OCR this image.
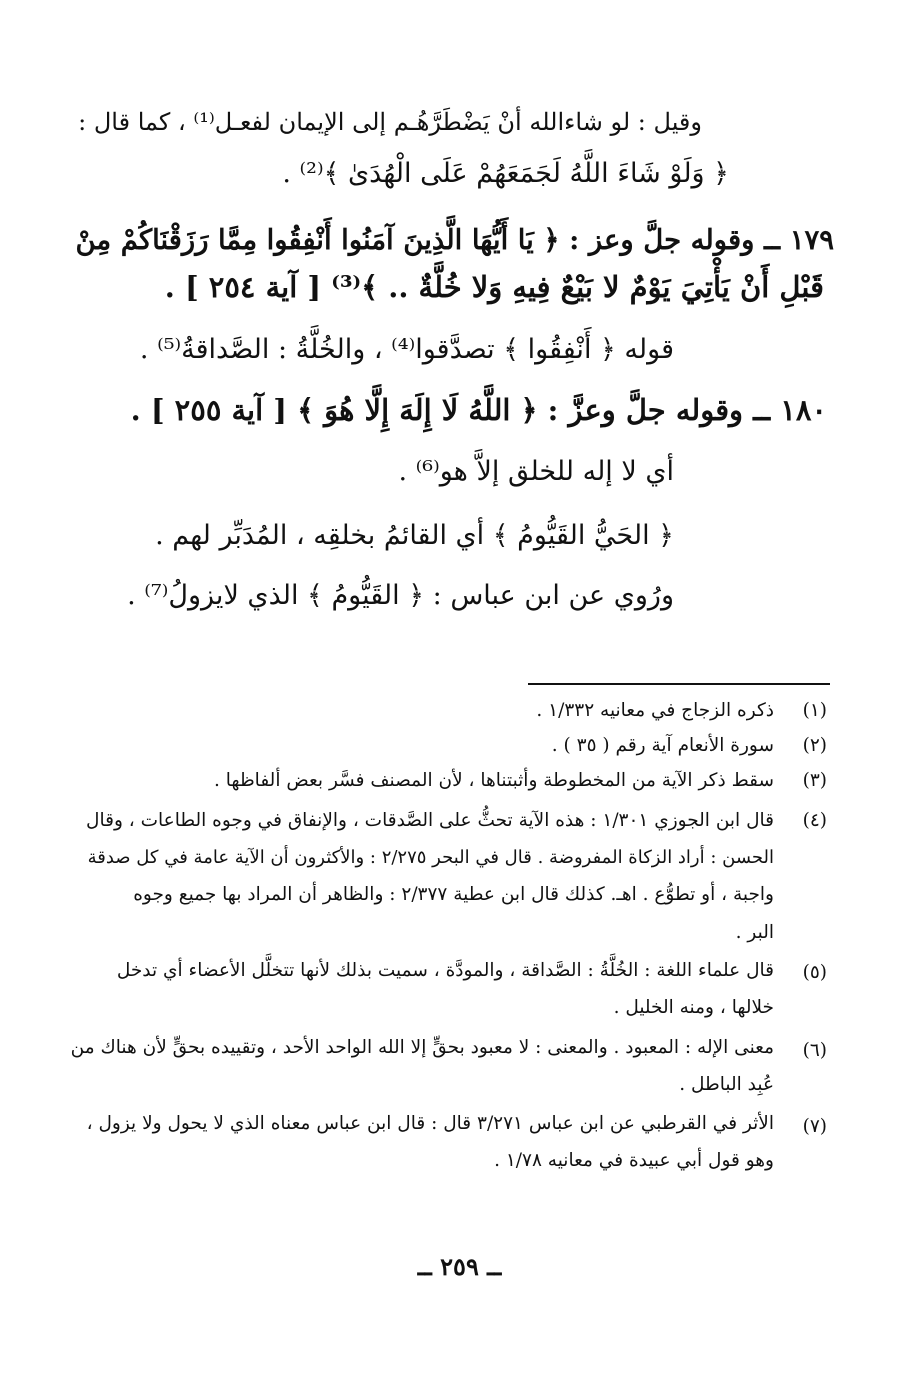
وقيل : لو شاءالله أنْ يَضْطَرَّهُـم إلى الإيمان لفعـل⁽¹⁾ ، كما قال :
﴿ وَلَوْ شَاءَ اللَّهُ لَجَمَعَهُمْ عَلَى الْهُدَىٰ ﴾⁽²⁾ .
١٧٩ ــ وقوله جلَّ وعز : ﴿ يَا أَيُّهَا الَّذِينَ آمَنُوا أَنْفِقُوا مِمَّا رَزَقْنَاكُمْ مِنْ
قَبْلِ أَنْ يَأْتِيَ يَوْمٌ لا بَيْعٌ فِيهِ وَلا خُلَّةٌ .. ﴾⁽³⁾ [ آية ٢٥٤ ] .
قوله ﴿ أَنْفِقُوا ﴾ تصدَّقوا⁽⁴⁾ ، والخُلَّةُ : الصَّداقةُ⁽⁵⁾ .
١٨٠ ــ وقوله جلَّ وعزَّ : ﴿ اللَّهُ لَا إِلَهَ إِلَّا هُوَ ﴾ [ آية ٢٥٥ ] .
أي لا إله للخلق إلاَّ هو⁽⁶⁾ .
﴿ الحَيُّ القَيُّومُ ﴾ أي القائمُ بخلقِه ، المُدَبِّر لهم .
ورُوي عن ابن عباس : ﴿ القَيُّومُ ﴾ الذي لايزولُ⁽⁷⁾ .
(١)
ذكره الزجاج في معانيه ١/٣٣٢ .
(٢)
سورة الأنعام آية رقم ( ٣٥ ) .
(٣)
سقط ذكر الآية من المخطوطة وأثبتناها ، لأن المصنف فسَّر بعض ألفاظها .
(٤)
قال ابن الجوزي ١/٣٠١ : هذه الآية تحثُّ على الصَّدقات ، والإنفاق في وجوه الطاعات ، وقال
الحسن : أراد الزكاة المفروضة . قال في البحر ٢/٢٧٥ : والأكثرون أن الآية عامة في كل صدقة
واجبة ، أو تطوُّع . اهـ. كذلك قال ابن عطية ٢/٣٧٧ : والظاهر أن المراد بها جميع وجوه
البر .
(٥)
قال علماء اللغة : الخُلَّةُ : الصَّداقة ، والمودَّة ، سميت بذلك لأنها تتخلَّل الأعضاء أي تدخل
خلالها ، ومنه الخليل .
(٦)
معنى الإله : المعبود . والمعنى : لا معبود بحقٍّ إلا الله الواحد الأحد ، وتقييده بحقٍّ لأن هناك من
عُبِد الباطل .
(٧)
الأثر في القرطبي عن ابن عباس ٣/٢٧١ قال : قال ابن عباس معناه الذي لا يحول ولا يزول ،
وهو قول أبي عبيدة في معانيه ١/٧٨ .
ــ ٢٥٩ ــ
